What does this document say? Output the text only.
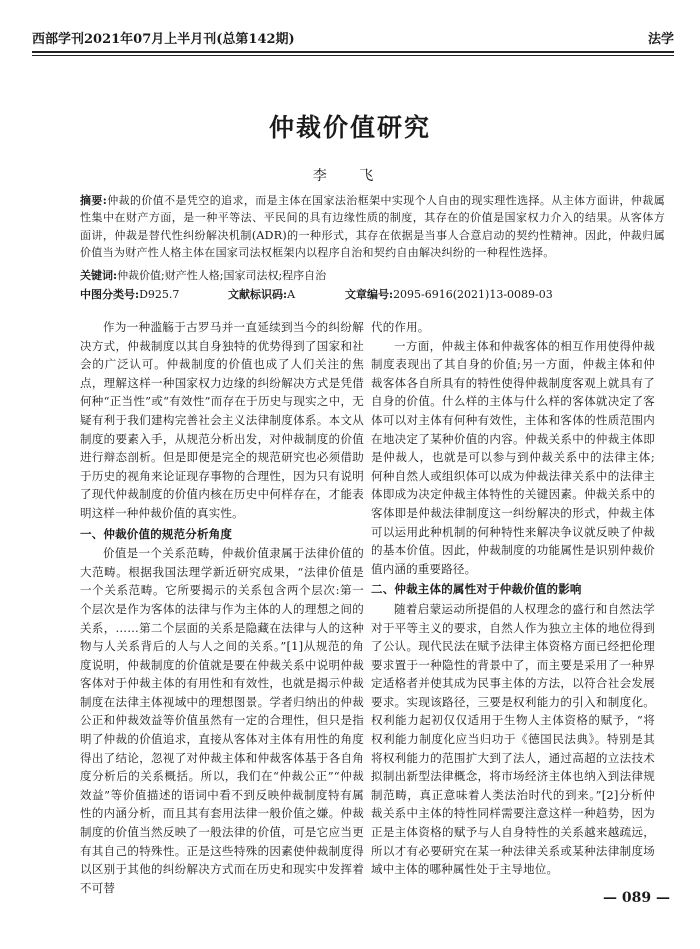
西部学刊2021年07月上半月刊(总第142期)	法学
仲裁价值研究
李 飞
摘要:仲裁的价值不是凭空的追求，而是主体在国家法治框架中实现个人自由的现实理性选择。从主体方面讲，仲裁属性集中在财产方面，是一种平等法、平民间的具有边缘性质的制度，其存在的价值是国家权力介入的结果。从客体方面讲，仲裁是替代性纠纷解决机制(ADR)的一种形式，其存在依据是当事人合意启动的契约性精神。因此，仲裁归属价值当为财产性人格主体在国家司法权框架内以程序自治和契约自由解决纠纷的一种程性选择。
关键词:仲裁价值;财产性人格;国家司法权;程序自治
中图分类号:D925.7	文献标识码:A	文章编号:2095-6916(2021)13-0089-03

作为一种滥觞于古罗马并一直延续到当今的纠纷解决方式，仲裁制度以其自身独特的优势得到了国家和社会的广泛认可。仲裁制度的价值也成了人们关注的焦点，理解这样一种国家权力边缘的纠纷解决方式是凭借何种“正当性”或“有效性”而存在于历史与现实之中，无疑有利于我们建构完善社会主义法律制度体系。本文从制度的要素入手，从规范分析出发，对仲裁制度的价值进行辩态剖析。但是即便是完全的规范研究也必须借助于历史的视角来论证现存事物的合理性，因为只有说明了现代仲裁制度的价值内核在历史中何样存在，才能表明这样一种仲裁价值的真实性。

一、仲裁价值的规范分析角度

价值是一个关系范畴，仲裁价值隶属于法律价值的大范畴。根据我国法理学新近研究成果，“法律价值是一个关系范畴。它所要揭示的关系包含两个层次:第一个层次是作为客体的法律与作为主体的人的理想之间的关系，……第二个层面的关系是隐藏在法律与人的这种物与人关系背后的人与人之间的关系。”[1]从规范的角度说明，仲裁制度的价值就是要在仲裁关系中说明仲裁客体对于仲裁主体的有用性和有效性，也就是揭示仲裁制度在法律主体视域中的理想图景。学者归纳出的仲裁公正和仲裁效益等价值虽然有一定的合理性，但只是指明了仲裁的价值追求，直接从客体对主体有用性的角度得出了结论，忽视了对仲裁主体和仲裁客体基于各自角度分析后的关系概括。所以，我们在“仲裁公正”“仲裁效益”等价值描述的语词中看不到反映仲裁制度特有属性的内涵分析，而且其有套用法律一般价值之嫌。仲裁制度的价值当然反映了一般法律的价值，可是它应当更有其自己的特殊性。正是这些特殊的因素使仲裁制度得以区别于其他的纠纷解决方式而在历史和现实中发挥着不可替

代的作用。

一方面，仲裁主体和仲裁客体的相互作用使得仲裁制度表现出了其自身的价值;另一方面，仲裁主体和仲裁客体各自所具有的特性使得仲裁制度客观上就具有了自身的价值。什么样的主体与什么样的客体就决定了客体可以对主体有何种有效性，主体和客体的性质范围内在地决定了某种价值的内容。仲裁关系中的仲裁主体即是仲裁人，也就是可以参与到仲裁关系中的法律主体;何种自然人或组织体可以成为仲裁法律关系中的法律主体即成为决定仲裁主体特性的关键因素。仲裁关系中的客体即是仲裁法律制度这一纠纷解决的形式，仲裁主体可以运用此种机制的何种特性来解决争议就反映了仲裁的基本价值。因此，仲裁制度的功能属性是识别仲裁价值内涵的重要路径。

二、仲裁主体的属性对于仲裁价值的影响

随着启蒙运动所提倡的人权理念的盛行和自然法学对于平等主义的要求，自然人作为独立主体的地位得到了公认。现代民法在赋予法律主体资格方面已经把伦理要求置于一种隐性的背景中了，而主要是采用了一种界定适格者并使其成为民事主体的方法，以符合社会发展要求。实现该路径，三要是权利能力的引入和制度化。权利能力起初仅仅适用于生物人主体资格的赋予，“将权利能力制度化应当归功于《德国民法典》。特别是其将权利能力的范围扩大到了法人，通过高超的立法技术拟制出新型法律概念，将市场经济主体也纳入到法律规制范畴，真正意味着人类法治时代的到来。”[2]分析仲裁关系中主体的特性同样需要注意这样一种趋势，因为正是主体资格的赋予与人自身特性的关系越来越疏远，所以才有必要研究在某一种法律关系或某种法律制度场域中主体的哪种属性处于主导地位。

— 089 —
